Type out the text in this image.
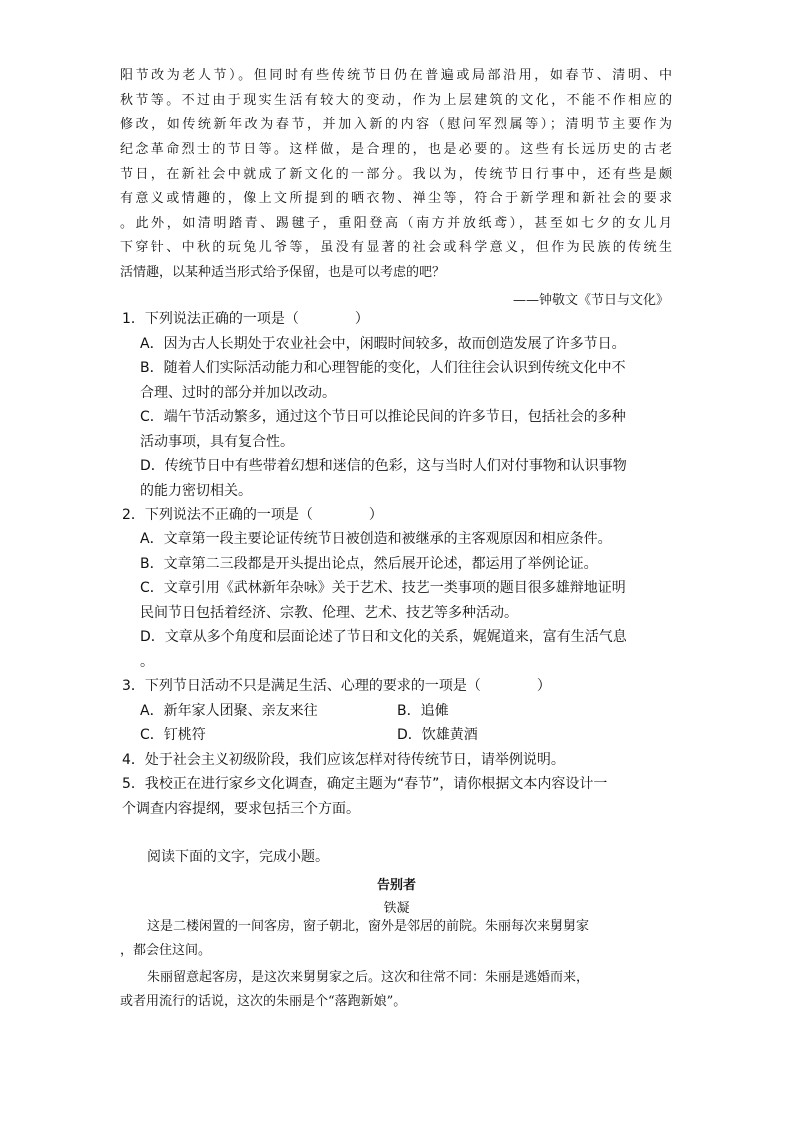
阳节改为老人节）。但同时有些传统节日仍在普遍或局部沿用，如春节、清明、中
秋节等。不过由于现实生活有较大的变动，作为上层建筑的文化，不能不作相应的
修改，如传统新年改为春节，并加入新的内容（慰问军烈属等）；清明节主要作为
纪念革命烈士的节日等。这样做，是合理的，也是必要的。这些有长远历史的古老
节日，在新社会中就成了新文化的一部分。我以为，传统节日行事中，还有些是颇
有意义或情趣的，像上文所提到的晒衣物、禅尘等，符合于新学理和新社会的要求
。此外，如清明踏青、踢毽子，重阳登高（南方并放纸鸢），甚至如七夕的女儿月
下穿针、中秋的玩兔儿爷等，虽没有显著的社会或科学意义，但作为民族的传统生
活情趣，以某种适当形式给予保留，也是可以考虑的吧？
——钟敬文《节日与文化》
1．下列说法正确的一项是（　　　　）
A．因为古人长期处于农业社会中，闲暇时间较多，故而创造发展了许多节日。
B．随着人们实际活动能力和心理智能的变化，人们往往会认识到传统文化中不
合理、过时的部分并加以改动。
C．端午节活动繁多，通过这个节日可以推论民间的许多节日，包括社会的多种
活动事项，具有复合性。
D．传统节日中有些带着幻想和迷信的色彩，这与当时人们对付事物和认识事物
的能力密切相关。
2．下列说法不正确的一项是（　　　　）
A．文章第一段主要论证传统节日被创造和被继承的主客观原因和相应条件。
B．文章第二三段都是开头提出论点，然后展开论述，都运用了举例论证。
C．文章引用《武林新年杂咏》关于艺术、技艺一类事项的题目很多雄辩地证明
民间节日包括着经济、宗教、伦理、艺术、技艺等多种活动。
D．文章从多个角度和层面论述了节日和文化的关系，娓娓道来，富有生活气息
。
3．下列节日活动不只是满足生活、心理的要求的一项是（　　　　）
A．新年家人团聚、亲友来往	B．追傩
C．钉桃符	D．饮雄黄酒
4．处于社会主义初级阶段，我们应该怎样对待传统节日，请举例说明。
5．我校正在进行家乡文化调查，确定主题为“春节”，请你根据文本内容设计一
个调查内容提纲，要求包括三个方面。
阅读下面的文字，完成小题。
告别者
铁凝
这是二楼闲置的一间客房，窗子朝北，窗外是邻居的前院。朱丽每次来舅舅家
，都会住这间。
朱丽留意起客房，是这次来舅舅家之后。这次和往常不同：朱丽是逃婚而来，
或者用流行的话说，这次的朱丽是个“落跑新娘”。
